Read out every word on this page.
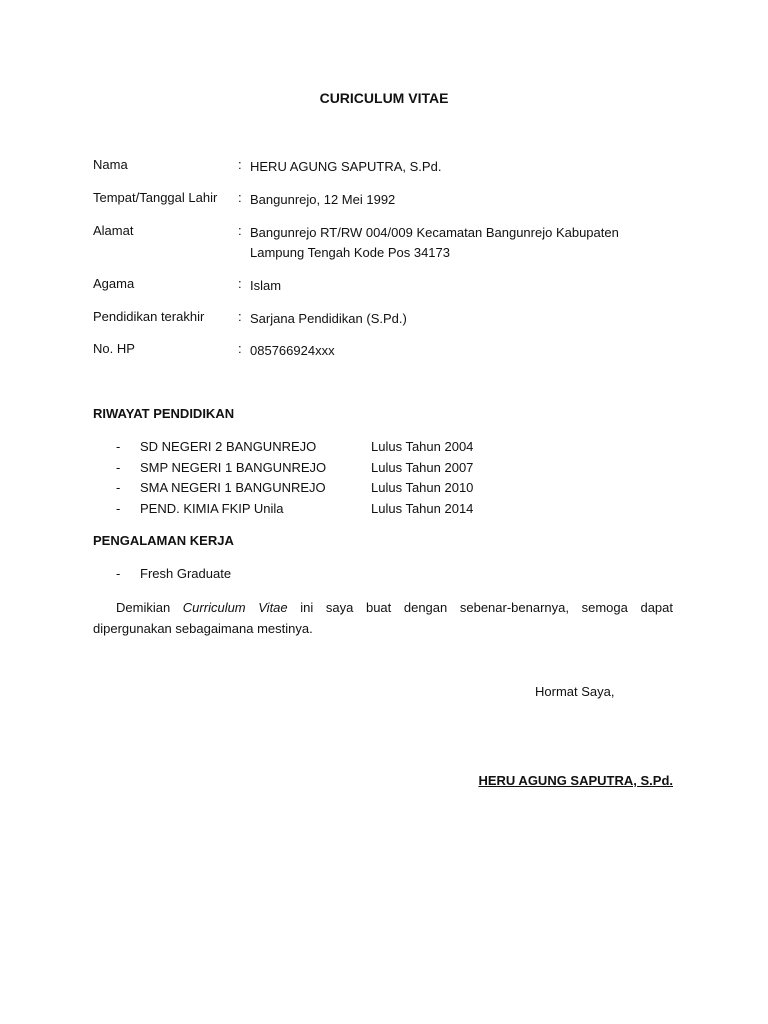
CURICULUM VITAE
Nama	: HERU AGUNG SAPUTRA, S.Pd.
Tempat/Tanggal Lahir : Bangunrejo, 12 Mei 1992
Alamat	: Bangunrejo RT/RW 004/009 Kecamatan Bangunrejo Kabupaten Lampung Tengah Kode Pos 34173
Agama	: Islam
Pendidikan terakhir	: Sarjana Pendidikan (S.Pd.)
No. HP	: 085766924xxx
RIWAYAT PENDIDIKAN
- SD NEGERI 2 BANGUNREJO	Lulus Tahun 2004
- SMP NEGERI 1 BANGUNREJO	Lulus Tahun 2007
- SMA NEGERI 1 BANGUNREJO	Lulus Tahun 2010
- PEND. KIMIA FKIP Unila	Lulus Tahun 2014
PENGALAMAN KERJA
- Fresh Graduate
Demikian Curriculum Vitae ini saya buat dengan sebenar-benarnya, semoga dapat dipergunakan sebagaimana mestinya.
Hormat Saya,
HERU AGUNG SAPUTRA, S.Pd.
